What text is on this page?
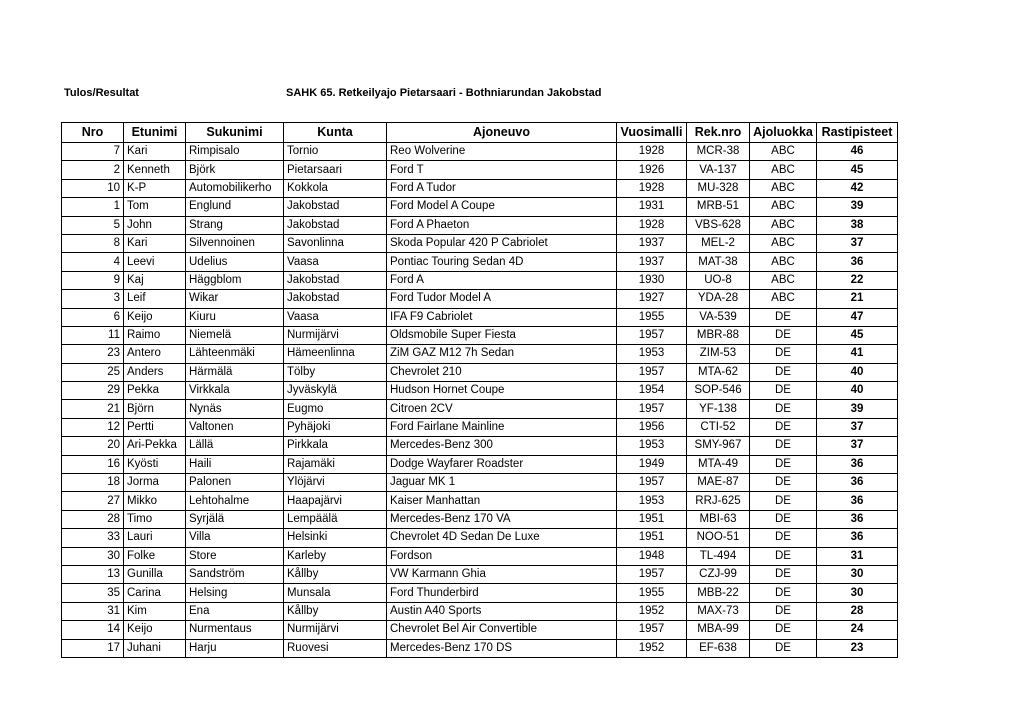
Tulos/Resultat	SAHK 65. Retkeilyajo Pietarsaari - Bothniarundan Jakobstad
Nro	Etunimi	Sukunimi	Kunta	Ajoneuvo	Vuosimalli	Rek.nro	Ajoluokka	Rastipisteet
7	Kari	Rimpisalo	Tornio	Reo Wolverine	1928	MCR-38	ABC	46
2	Kenneth	Björk	Pietarsaari	Ford T	1926	VA-137	ABC	45
10	K-P	Automobilikerho	Kokkola	Ford A Tudor	1928	MU-328	ABC	42
1	Tom	Englund	Jakobstad	Ford Model A Coupe	1931	MRB-51	ABC	39
5	John	Strang	Jakobstad	Ford A Phaeton	1928	VBS-628	ABC	38
8	Kari	Silvennoinen	Savonlinna	Skoda Popular 420 P Cabriolet	1937	MEL-2	ABC	37
4	Leevi	Udelius	Vaasa	Pontiac Touring Sedan 4D	1937	MAT-38	ABC	36
9	Kaj	Häggblom	Jakobstad	Ford A	1930	UO-8	ABC	22
3	Leif	Wikar	Jakobstad	Ford Tudor Model A	1927	YDA-28	ABC	21
6	Keijo	Kiuru	Vaasa	IFA F9 Cabriolet	1955	VA-539	DE	47
11	Raimo	Niemelä	Nurmijärvi	Oldsmobile Super Fiesta	1957	MBR-88	DE	45
23	Antero	Lähteenmäki	Hämeenlinna	ZiM GAZ M12 7h Sedan	1953	ZIM-53	DE	41
25	Anders	Härmälä	Tölby	Chevrolet 210	1957	MTA-62	DE	40
29	Pekka	Virkkala	Jyväskylä	Hudson Hornet Coupe	1954	SOP-546	DE	40
21	Björn	Nynäs	Eugmo	Citroen 2CV	1957	YF-138	DE	39
12	Pertti	Valtonen	Pyhäjoki	Ford Fairlane Mainline	1956	CTI-52	DE	37
20	Ari-Pekka	Lällä	Pirkkala	Mercedes-Benz 300	1953	SMY-967	DE	37
16	Kyösti	Haili	Rajamäki	Dodge Wayfarer Roadster	1949	MTA-49	DE	36
18	Jorma	Palonen	Ylöjärvi	Jaguar MK 1	1957	MAE-87	DE	36
27	Mikko	Lehtohalme	Haapajärvi	Kaiser Manhattan	1953	RRJ-625	DE	36
28	Timo	Syrjälä	Lempäälä	Mercedes-Benz 170 VA	1951	MBI-63	DE	36
33	Lauri	Villa	Helsinki	Chevrolet 4D Sedan De Luxe	1951	NOO-51	DE	36
30	Folke	Store	Karleby	Fordson	1948	TL-494	DE	31
13	Gunilla	Sandström	Kållby	VW Karmann Ghia	1957	CZJ-99	DE	30
35	Carina	Helsing	Munsala	Ford Thunderbird	1955	MBB-22	DE	30
31	Kim	Ena	Kållby	Austin A40 Sports	1952	MAX-73	DE	28
14	Keijo	Nurmentaus	Nurmijärvi	Chevrolet Bel Air Convertible	1957	MBA-99	DE	24
17	Juhani	Harju	Ruovesi	Mercedes-Benz 170 DS	1952	EF-638	DE	23
